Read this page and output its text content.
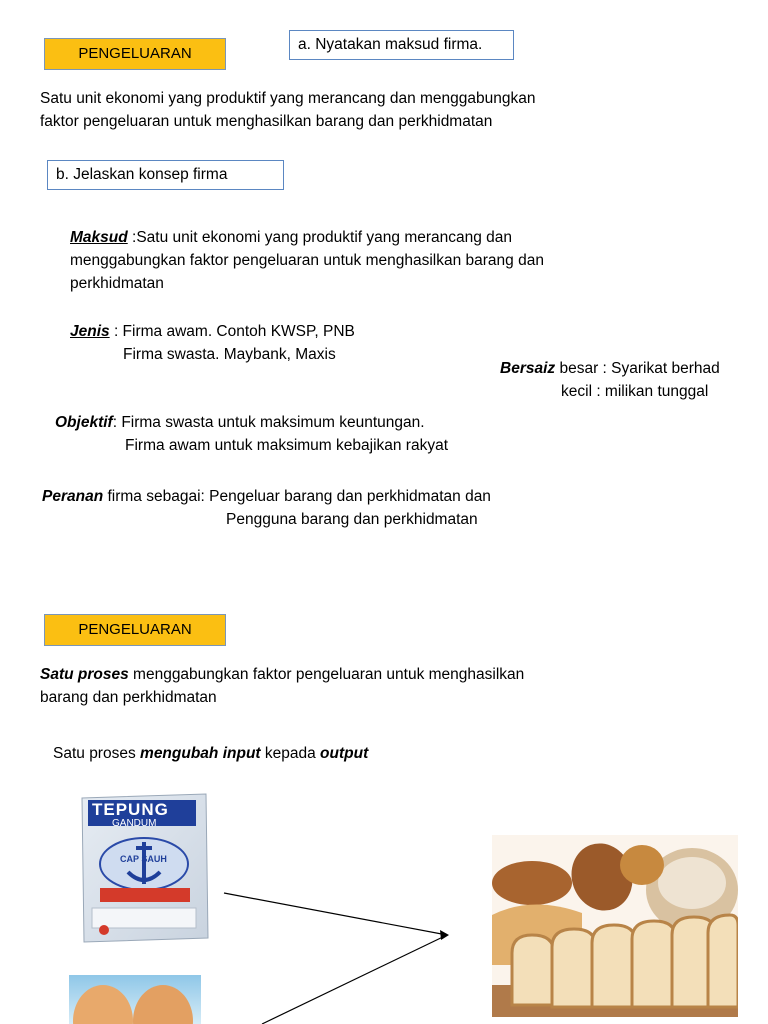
PENGELUARAN
a. Nyatakan maksud firma.
Satu unit ekonomi yang produktif yang merancang dan menggabungkan
faktor pengeluaran untuk menghasilkan barang dan perkhidmatan
b. Jelaskan konsep firma
Maksud :Satu unit ekonomi yang produktif yang merancang dan
menggabungkan faktor pengeluaran untuk menghasilkan barang dan
perkhidmatan
Jenis : Firma awam. Contoh KWSP, PNB
Firma swasta. Maybank, Maxis
Bersaiz besar : Syarikat berhad
kecil : milikan tunggal
Objektif: Firma swasta untuk maksimum keuntungan.
Firma awam untuk maksimum kebajikan rakyat
Peranan firma sebagai: Pengeluar barang dan perkhidmatan dan
Pengguna barang dan perkhidmatan
PENGELUARAN
Satu proses menggabungkan faktor pengeluaran untuk menghasilkan
barang dan perkhidmatan
Satu proses mengubah input kepada output
TEPUNG
GANDUM
CAP SAUH
